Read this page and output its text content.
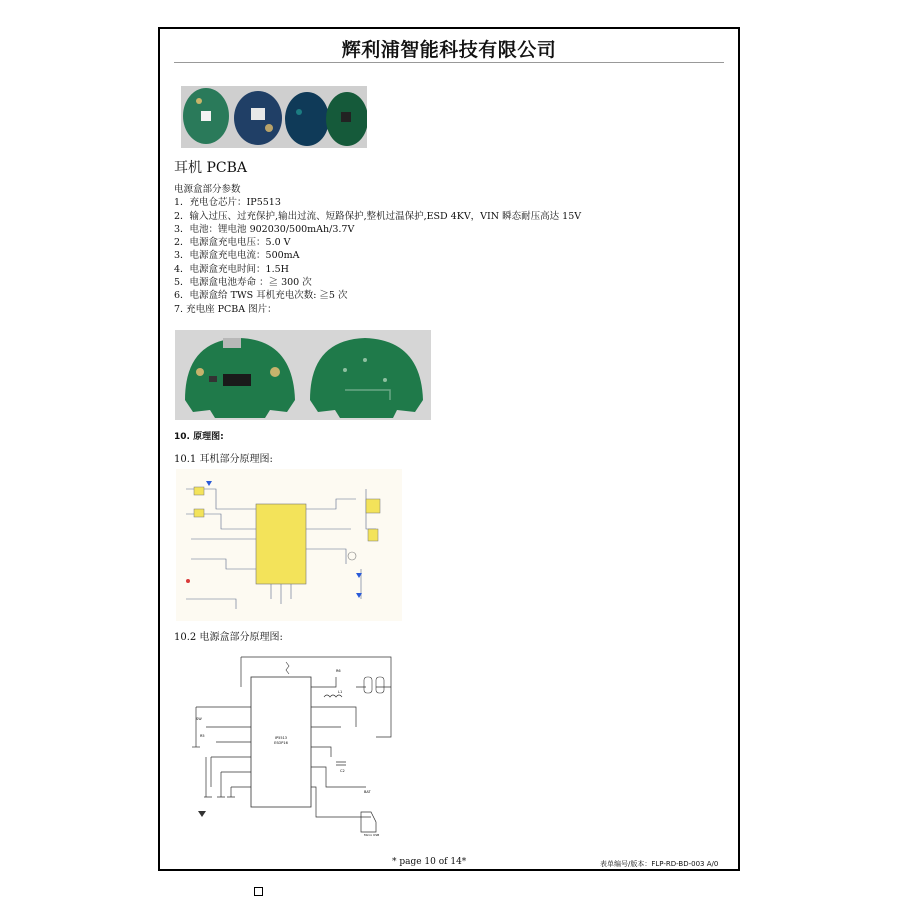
辉利浦智能科技有限公司
耳机 PCBA
电源盒部分参数
1．充电仓芯片：IP5513
2．输入过压、过充保护,输出过流、短路保护,整机过温保护,ESD 4KV，VIN 瞬态耐压高达 15V
3．电池：锂电池 902030/500mAh/3.7V
2．电源盒充电电压：5.0 V
3．电源盒充电电流：500mA
4．电源盒充电时间：1.5H
5．电源盒电池寿命 ：≧ 300 次
6．电源盒给 TWS 耳机充电次数: ≧5 次
7. 充电座 PCBA 图片：
10. 原理图:
10.1 耳机部分原理图:
10.2 电源盒部分原理图:
IP5513
ESOP16
SW
R5
R6
L1
C2
BAT
Micro USB
* page 10 of 14*	表单编号/版本：FLP-RD-BD-003 A/0
